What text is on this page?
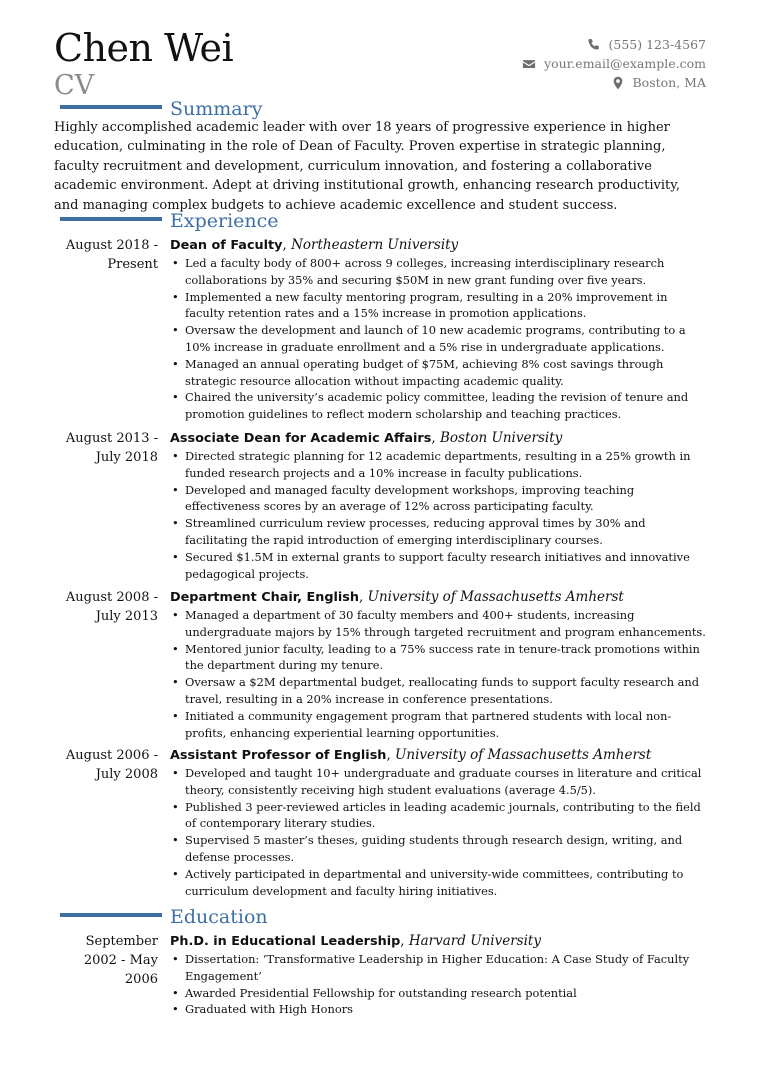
Chen Wei
CV
(555) 123-4567
your.email@example.com
Boston, MA
Summary
Highly accomplished academic leader with over 18 years of progressive experience in higher education, culminating in the role of Dean of Faculty. Proven expertise in strategic planning, faculty recruitment and development, curriculum innovation, and fostering a collaborative academic environment. Adept at driving institutional growth, enhancing research productivity, and managing complex budgets to achieve academic excellence and student success.
Experience
August 2018 -
Present
Dean of Faculty, Northeastern University
• Led a faculty body of 800+ across 9 colleges, increasing interdisciplinary research collaborations by 35% and securing $50M in new grant funding over five years.
• Implemented a new faculty mentoring program, resulting in a 20% improvement in faculty retention rates and a 15% increase in promotion applications.
• Oversaw the development and launch of 10 new academic programs, contributing to a 10% increase in graduate enrollment and a 5% rise in undergraduate applications.
• Managed an annual operating budget of $75M, achieving 8% cost savings through strategic resource allocation without impacting academic quality.
• Chaired the university’s academic policy committee, leading the revision of tenure and promotion guidelines to reflect modern scholarship and teaching practices.
August 2013 -
July 2018
Associate Dean for Academic Affairs, Boston University
• Directed strategic planning for 12 academic departments, resulting in a 25% growth in funded research projects and a 10% increase in faculty publications.
• Developed and managed faculty development workshops, improving teaching effectiveness scores by an average of 12% across participating faculty.
• Streamlined curriculum review processes, reducing approval times by 30% and facilitating the rapid introduction of emerging interdisciplinary courses.
• Secured $1.5M in external grants to support faculty research initiatives and innovative pedagogical projects.
August 2008 -
July 2013
Department Chair, English, University of Massachusetts Amherst
• Managed a department of 30 faculty members and 400+ students, increasing undergraduate majors by 15% through targeted recruitment and program enhancements.
• Mentored junior faculty, leading to a 75% success rate in tenure-track promotions within the department during my tenure.
• Oversaw a $2M departmental budget, reallocating funds to support faculty research and travel, resulting in a 20% increase in conference presentations.
• Initiated a community engagement program that partnered students with local non-profits, enhancing experiential learning opportunities.
August 2006 -
July 2008
Assistant Professor of English, University of Massachusetts Amherst
• Developed and taught 10+ undergraduate and graduate courses in literature and critical theory, consistently receiving high student evaluations (average 4.5/5).
• Published 3 peer-reviewed articles in leading academic journals, contributing to the field of contemporary literary studies.
• Supervised 5 master’s theses, guiding students through research design, writing, and defense processes.
• Actively participated in departmental and university-wide committees, contributing to curriculum development and faculty hiring initiatives.
Education
September
2002 - May
2006
Ph.D. in Educational Leadership, Harvard University
• Dissertation: ‘Transformative Leadership in Higher Education: A Case Study of Faculty Engagement’
• Awarded Presidential Fellowship for outstanding research potential
• Graduated with High Honors
